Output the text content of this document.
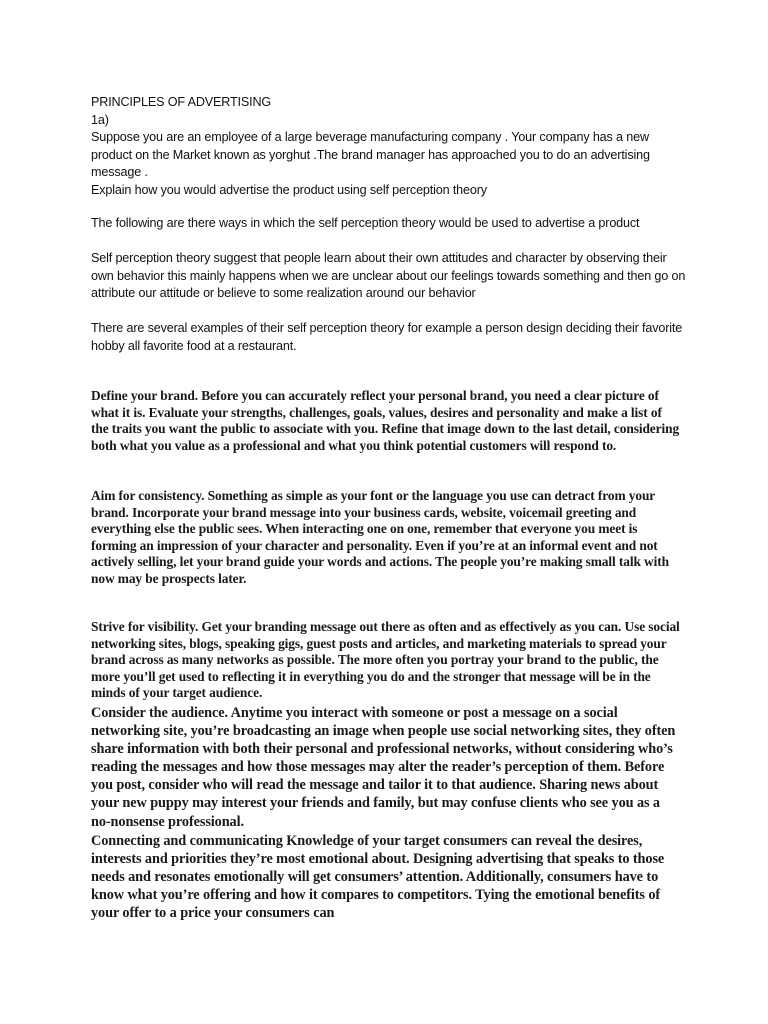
PRINCIPLES OF ADVERTISING

1a)

Suppose you are an employee of a large beverage manufacturing company . Your company has a new product on the Market known as yorghut .The brand manager has approached you to do an advertising message .

Explain how you would advertise the product using self perception theory

The following are there ways in which the self perception theory would be used to advertise a product

Self perception theory suggest that people learn about their own attitudes and character by observing their own behavior this mainly happens when we are unclear about our feelings towards something and then go on attribute our attitude or believe to some realization around our behavior

There are several examples of their self perception theory for example a person design deciding their favorite hobby all favorite food at a restaurant.

Define your brand. Before you can accurately reflect your personal brand, you need a clear picture of what it is. Evaluate your strengths, challenges, goals, values, desires and personality and make a list of the traits you want the public to associate with you. Refine that image down to the last detail, considering both what you value as a professional and what you think potential customers will respond to.

Aim for consistency. Something as simple as your font or the language you use can detract from your brand. Incorporate your brand message into your business cards, website, voicemail greeting and everything else the public sees. When interacting one on one, remember that everyone you meet is forming an impression of your character and personality. Even if you’re at an informal event and not actively selling, let your brand guide your words and actions. The people you’re making small talk with now may be prospects later.

Strive for visibility. Get your branding message out there as often and as effectively as you can. Use social networking sites, blogs, speaking gigs, guest posts and articles, and marketing materials to spread your brand across as many networks as possible. The more often you portray your brand to the public, the more you’ll get used to reflecting it in everything you do and the stronger that message will be in the minds of your target audience.

Consider the audience. Anytime you interact with someone or post a message on a social networking site, you’re broadcasting an image when people use social networking sites, they often share information with both their personal and professional networks, without considering who’s reading the messages and how those messages may alter the reader’s perception of them. Before you post, consider who will read the message and tailor it to that audience. Sharing news about your new puppy may interest your friends and family, but may confuse clients who see you as a no-nonsense professional.

Connecting and communicating Knowledge of your target consumers can reveal the desires, interests and priorities they’re most emotional about. Designing advertising that speaks to those needs and resonates emotionally will get consumers’ attention. Additionally, consumers have to know what you’re offering and how it compares to competitors. Tying the emotional benefits of your offer to a price your consumers can
